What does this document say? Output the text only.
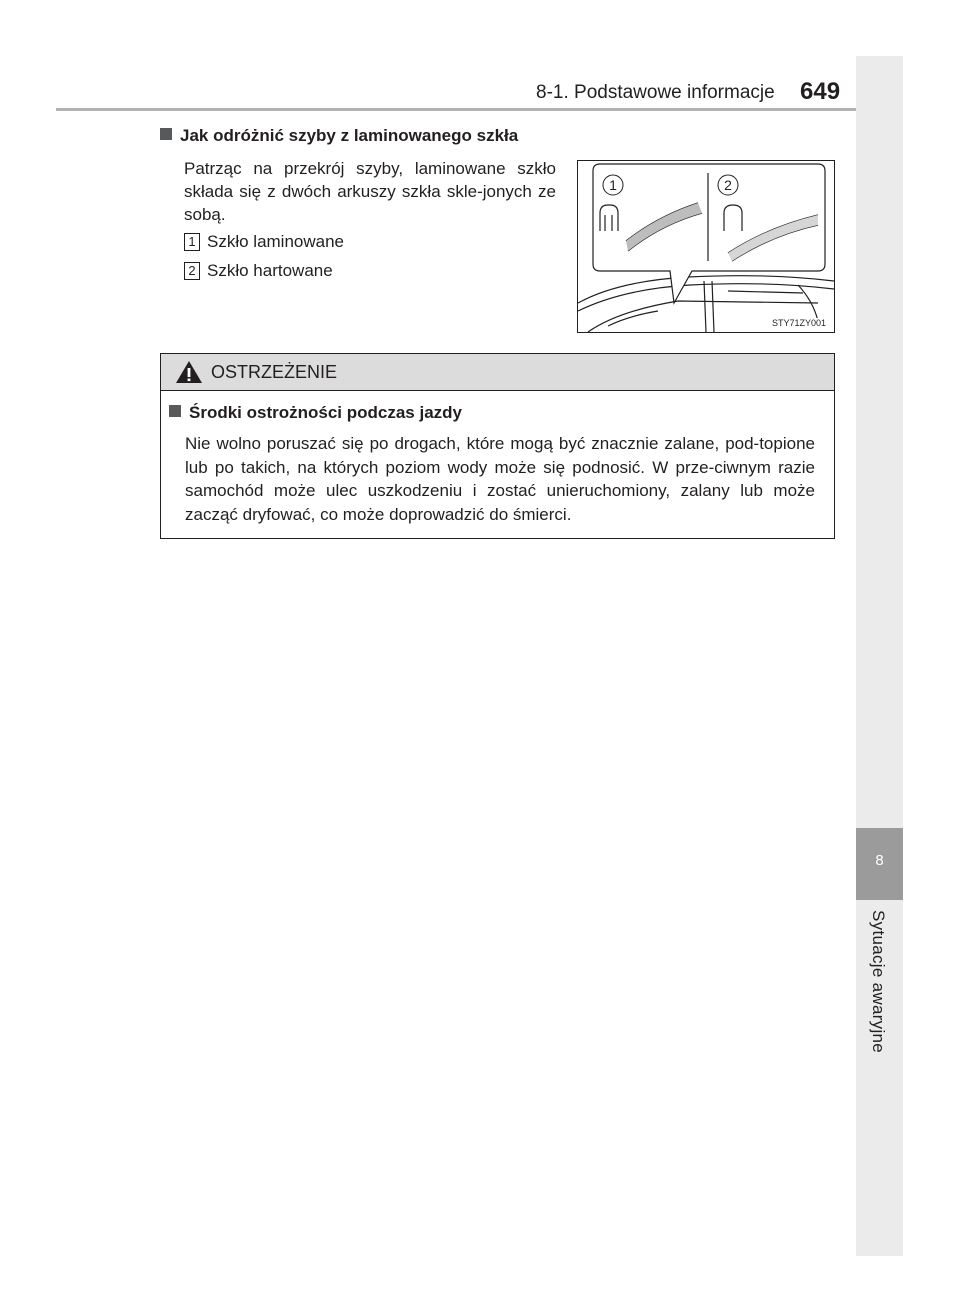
8
Sytuacje awaryjne
8-1. Podstawowe informacje 649
Jak odróżnić szyby z laminowanego szkła
Patrząc na przekrój szyby, laminowane szkło składa się z dwóch arkuszy szkła skle-jonych ze sobą.
1 Szkło laminowane
2 Szkło hartowane
1	2
STY71ZY001
OSTRZEŻENIE
Środki ostrożności podczas jazdy
Nie wolno poruszać się po drogach, które mogą być znacznie zalane, pod-topione lub po takich, na których poziom wody może się podnosić. W prze-ciwnym razie samochód może ulec uszkodzeniu i zostać unieruchomiony, zalany lub może zacząć dryfować, co może doprowadzić do śmierci.
